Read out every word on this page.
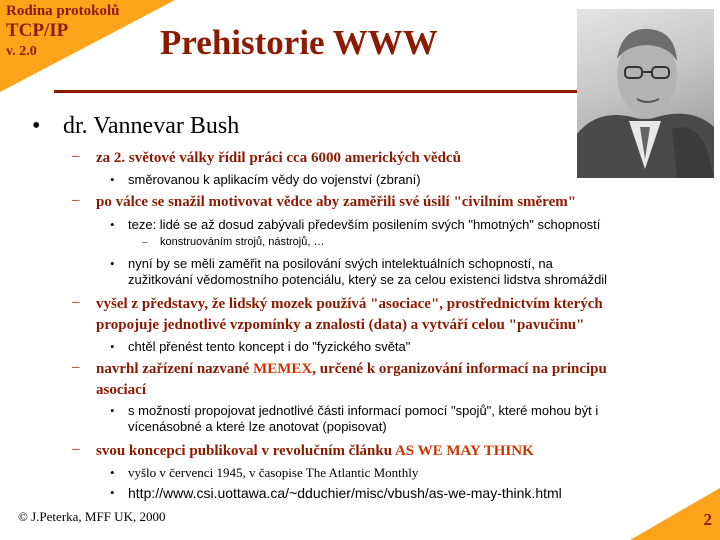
Rodina protokolů
TCP/IP
v. 2.0	Prehistorie WWW
• dr. Vannevar Bush
– za 2. světové války řídil práci cca 6000 amerických vědců
• směrovanou k aplikacím vědy do vojenství (zbraní)
– po válce se snažil motivovat vědce aby zaměřili své úsilí "civilním směrem"
• teze: lidé se až dosud zabývali především posilením svých "hmotných" schopností
– konstruováním strojů, nástrojů, …
• nyní by se měli zaměřit na posilování svých intelektuálních schopností, na
zužitkování vědomostního potenciálu, který se za celou existenci lidstva shromáždil
– vyšel z představy, že lidský mozek používá "asociace", prostřednictvím kterých
propojuje jednotlivé vzpomínky a znalosti (data) a vytváří celou "pavučinu"
• chtěl přenést tento koncept i do "fyzického světa"
– navrhl zařízení nazvané MEMEX, určené k organizování informací na principu
asociací
• s možností propojovat jednotlivé části informací pomocí "spojů", které mohou být i
vícenásobné a které lze anotovat (popisovat)
– svou koncepci publikoval v revolučním článku AS WE MAY THINK
• vyšlo v červenci 1945, v časopise The Atlantic Monthly
• http://www.csi.uottawa.ca/~dduchier/misc/vbush/as-we-may-think.html
© J.Peterka, MFF UK, 2000	2
